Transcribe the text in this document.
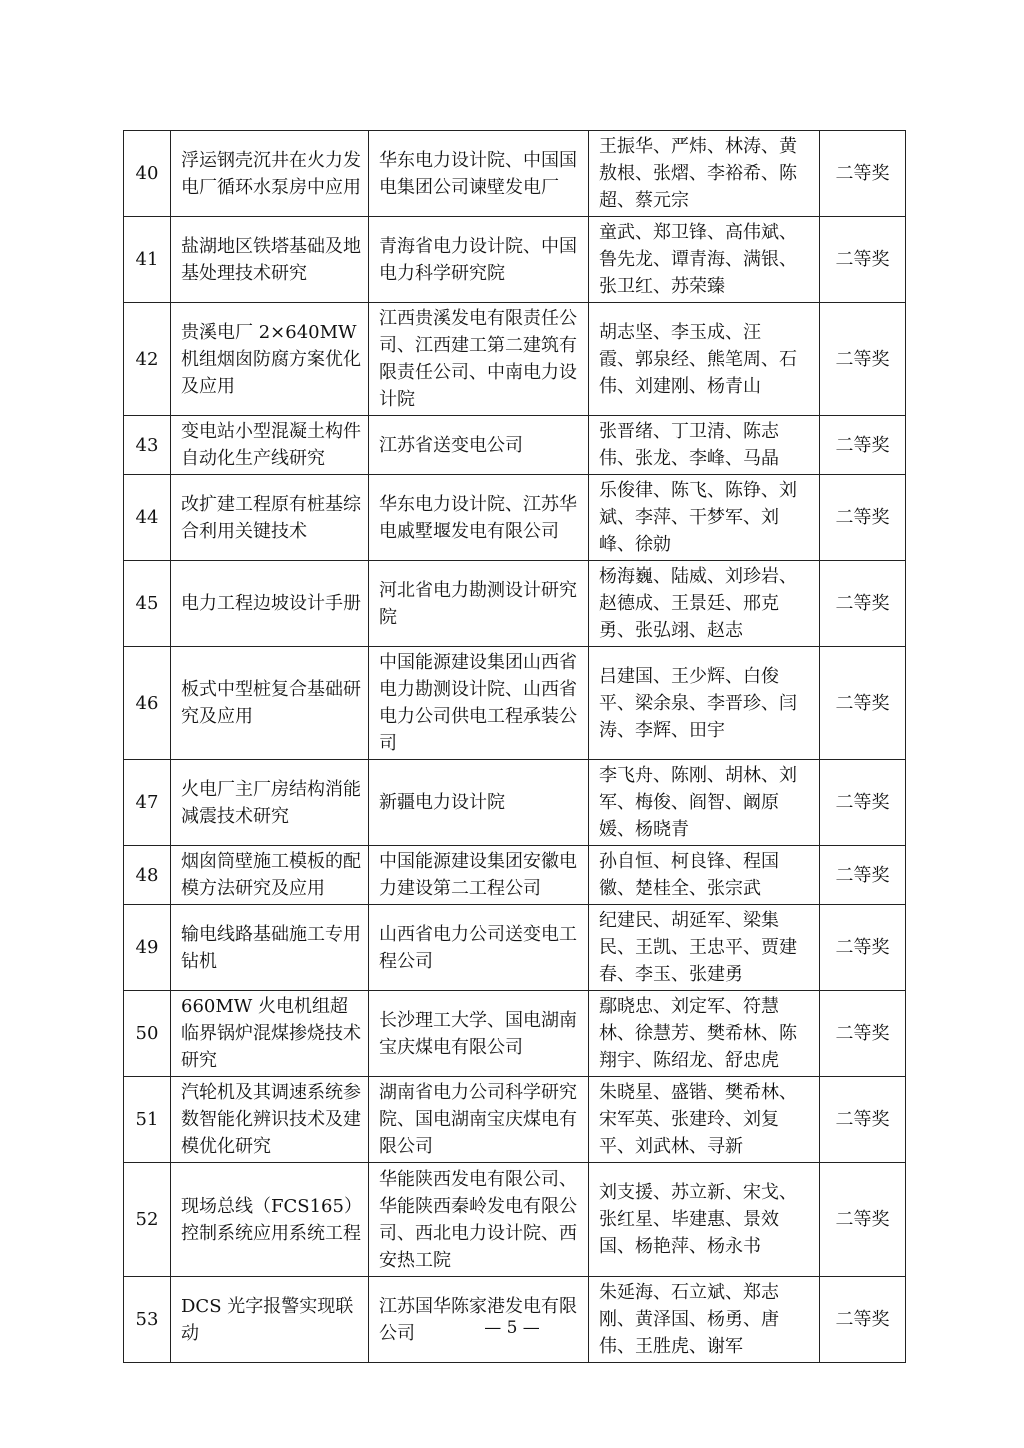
40	浮运钢壳沉井在火力发电厂循环水泵房中应用	华东电力设计院、中国国电集团公司谏壁发电厂	王振华、严炜、林涛、黄敖根、张熠、李裕希、陈超、蔡元宗	二等奖
41	盐湖地区铁塔基础及地基处理技术研究	青海省电力设计院、中国电力科学研究院	童武、郑卫锋、高伟斌、鲁先龙、谭青海、满银、张卫红、苏荣臻	二等奖
42	贵溪电厂 2×640MW 机组烟囱防腐方案优化及应用	江西贵溪发电有限责任公司、江西建工第二建筑有限责任公司、中南电力设计院	胡志坚、李玉成、汪　霞、郭泉经、熊笔周、石　伟、刘建刚、杨青山	二等奖
43	变电站小型混凝土构件自动化生产线研究	江苏省送变电公司	张晋绪、丁卫清、陈志伟、张龙、李峰、马晶	二等奖
44	改扩建工程原有桩基综合利用关键技术	华东电力设计院、江苏华电戚墅堰发电有限公司	乐俊律、陈飞、陈铮、刘斌、李萍、干梦军、刘峰、徐勍	二等奖
45	电力工程边坡设计手册	河北省电力勘测设计研究院	杨海巍、陆威、刘珍岩、赵德成、王景廷、邢克勇、张弘翊、赵志	二等奖
46	板式中型桩复合基础研究及应用	中国能源建设集团山西省电力勘测设计院、山西省电力公司供电工程承装公司	吕建国、王少辉、白俊平、梁余泉、李晋珍、闫涛、李辉、田宇	二等奖
47	火电厂主厂房结构消能减震技术研究	新疆电力设计院	李飞舟、陈刚、胡林、刘军、梅俊、阎智、阚原媛、杨晓青	二等奖
48	烟囱筒壁施工模板的配模方法研究及应用	中国能源建设集团安徽电力建设第二工程公司	孙自恒、柯良锋、程国徽、楚桂全、张宗武	二等奖
49	输电线路基础施工专用钻机	山西省电力公司送变电工程公司	纪建民、胡延军、梁集民、王凯、王忠平、贾建春、李玉、张建勇	二等奖
50	660MW 火电机组超临界锅炉混煤掺烧技术研究	长沙理工大学、国电湖南宝庆煤电有限公司	鄢晓忠、刘定军、符慧林、徐慧芳、樊希林、陈翔宇、陈绍龙、舒忠虎	二等奖
51	汽轮机及其调速系统参数智能化辨识技术及建模优化研究	湖南省电力公司科学研究院、国电湖南宝庆煤电有限公司	朱晓星、盛锴、樊希林、宋军英、张建玲、刘复平、刘武林、寻新	二等奖
52	现场总线（FCS165）控制系统应用系统工程	华能陕西发电有限公司、华能陕西秦岭发电有限公司、西北电力设计院、西安热工院	刘支援、苏立新、宋戈、张红星、毕建惠、景效国、杨艳萍、杨永书	二等奖
53	DCS 光字报警实现联动	江苏国华陈家港发电有限公司	朱延海、石立斌、郑志刚、黄泽国、杨勇、唐伟、王胜虎、谢军	二等奖
— 5 —
